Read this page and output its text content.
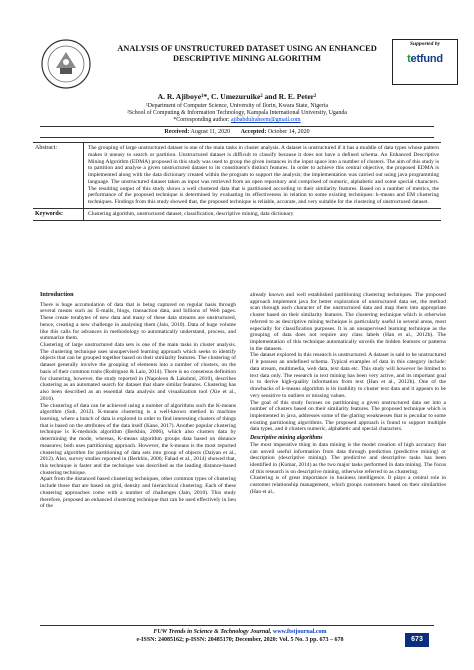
ANALYSIS OF UNSTRUCTURED DATASET USING AN ENHANCED DESCRIPTIVE MINING ALGORITHM
Supported by
tetfund
A. R. Ajiboye¹*, C. Umezuruike² and R. E. Peter²
¹Department of Computer Science, University of Ilorin, Kwara State, Nigeria
²School of Computing & Information Technology, Kampala International University, Uganda
*Corresponding author: ajibabdulraheem@gmail.com
Received: August 11, 2020 Accepted: October 14, 2020
Abstract:	The grouping of large unstructured dataset is one of the main tasks in cluster analysis. A dataset is unstructured if it has a muddle of data types whose pattern makes it uneasy to search or partition. Unstructured dataset is difficult to classify because it does not have a defined schema. An Enhanced Descriptive Mining Algorithm (EDMA) proposed in this study was used to group the given instances in the input space into a number of clusters. The aim of this study is to partition and analyse a given unstructured dataset to its constituent's distinct features. In order to achieve this central objective, the proposed EDMA is implemented along with the data dictionary created within the program to support the analysis; the implementation was carried out using java programming language. The unstructured dataset taken as input was retrieved from an open repository and comprised of numeric, alphabetic and some special characters. The resulting output of this study shows a well clustered data that is partitioned according to their similarity features. Based on a number of metrics, the performance of the proposed technique is determined by evaluating its effectiveness in relation to some existing techniques: k-means and EM clustering techniques. Findings from this study showed that, the proposed technique is reliable, accurate, and very suitable for the clustering of unstructured dataset.
Keywords:	Clustering algorithm, unstructured dataset, classification, descriptive mining, data dictionary
Introduction

There is huge accumulation of data that is being captured on regular basis through several means such as: E-mails, blogs, transaction data, and billions of Web pages. These create terabytes of new data and many of these data streams are unstructured, hence, creating a new challenge in analysing them (Jain, 2010). Data of huge volume like this calls for advances in methodology to automatically understand, process, and summarize them.

Clustering of large unstructured data sets is one of the main tasks in cluster analysis. The clustering technique uses unsupervised learning approach which seeks to identify objects that can be grouped together based on their similarity features. The clustering of dataset generally involve the grouping of elements into a number of clusters, on the basis of their common traits (Rodriguez & Laio, 2014). There is no consensus definition for clustering, however, the study reported in (Napoleon & Lakshmi, 2010), describes clustering as an automated search for dataset that share similar features. Clustering has also been described as an essential data analysis and visualization tool (Xie et al., 2016).

The clustering of data can be achieved using a number of algorithms such the K-means algorithm (Suh, 2012). K-means clustering is a well-known method in machine learning, where a bunch of data is explored in order to find interesting clusters of things that is based on the attributes of the data itself (Kane, 2017). Another popular clustering technique is K-medoids algorithm (Berkhin, 2006), which also clusters data by determining the mode, whereas, K-means algorithm groups data based on distance measures; both uses partitioning approach. However, the k-means is the most reported clustering algorithm for partitioning of data sets into group of objects (Daiyan et al., 2012). Also, survey studies reported in (Berkhin, 2006; Fahad et al., 2014) showed that, this technique is faster and the technique was described as the leading distance-based clustering technique.

Apart from the distanced based clustering techniques, other common types of clustering include those that are based on grid, density and hierarchical clustering. Each of these clustering approaches come with a number of challenges (Jain, 2010). This study therefore, proposed an enhanced clustering technique that can be used effectively in lieu of the

already known and well established partitioning clustering techniques. The proposed approach implement java for better exploration of unstructured data set, the method scan through each character of the unstructured data and map them into appropriate cluster based on their similarity features. The clustering technique which is otherwise referred to as descriptive mining technique is particularly useful in several areas, most especially for classification purposes. It is an unsupervised learning technique as the grouping of data does not require any class labels (Han et al., 2012b). The implementation of this technique automatically unveils the hidden features or patterns in the datasets.

The dataset explored in this research is unstructured. A dataset is said to be unstructured if it possess an undefined schema. Typical examples of data in this category include: data stream, multimedia, web data, text data etc. This study will however be limited to text data only. The research in text mining has been very active, and its important goal is to derive high-quality information from text (Han et al., 2012b). One of the drawbacks of k-means algorithm is its inability to cluster text data and it appears to be very sensitive to outliers or missing values.

The goal of this study focuses on partitioning a given unstructured data set into a number of clusters based on their similarity features. The proposed technique which is implemented in java, addresses some of the glaring weaknesses that is peculiar to some existing partitioning algorithms. The proposed approach is found to support multiple data types, and it clusters numeric, alphabetic and special characters.

Descriptive mining algorithms

The most imperative thing in data mining is the model creation of high accuracy that can unveil useful information from data through prediction (predictive mining) or description (descriptive mining). The predictive and descriptive tasks has been identified in (Kumar, 2014) as the two major tasks performed in data mining. The focus of this research is on descriptive mining, otherwise referred to as clustering.

Clustering is of great importance in business intelligence. It plays a central role in customer relationship management, which groups customers based on their similarities (Han et al.,

FUW Trends in Science & Technology Journal, www.ftstjournal.com
e-ISSN: 24085162; p-ISSN: 20485170; December, 2020: Vol. 5 No. 3 pp. 673 – 678	673
